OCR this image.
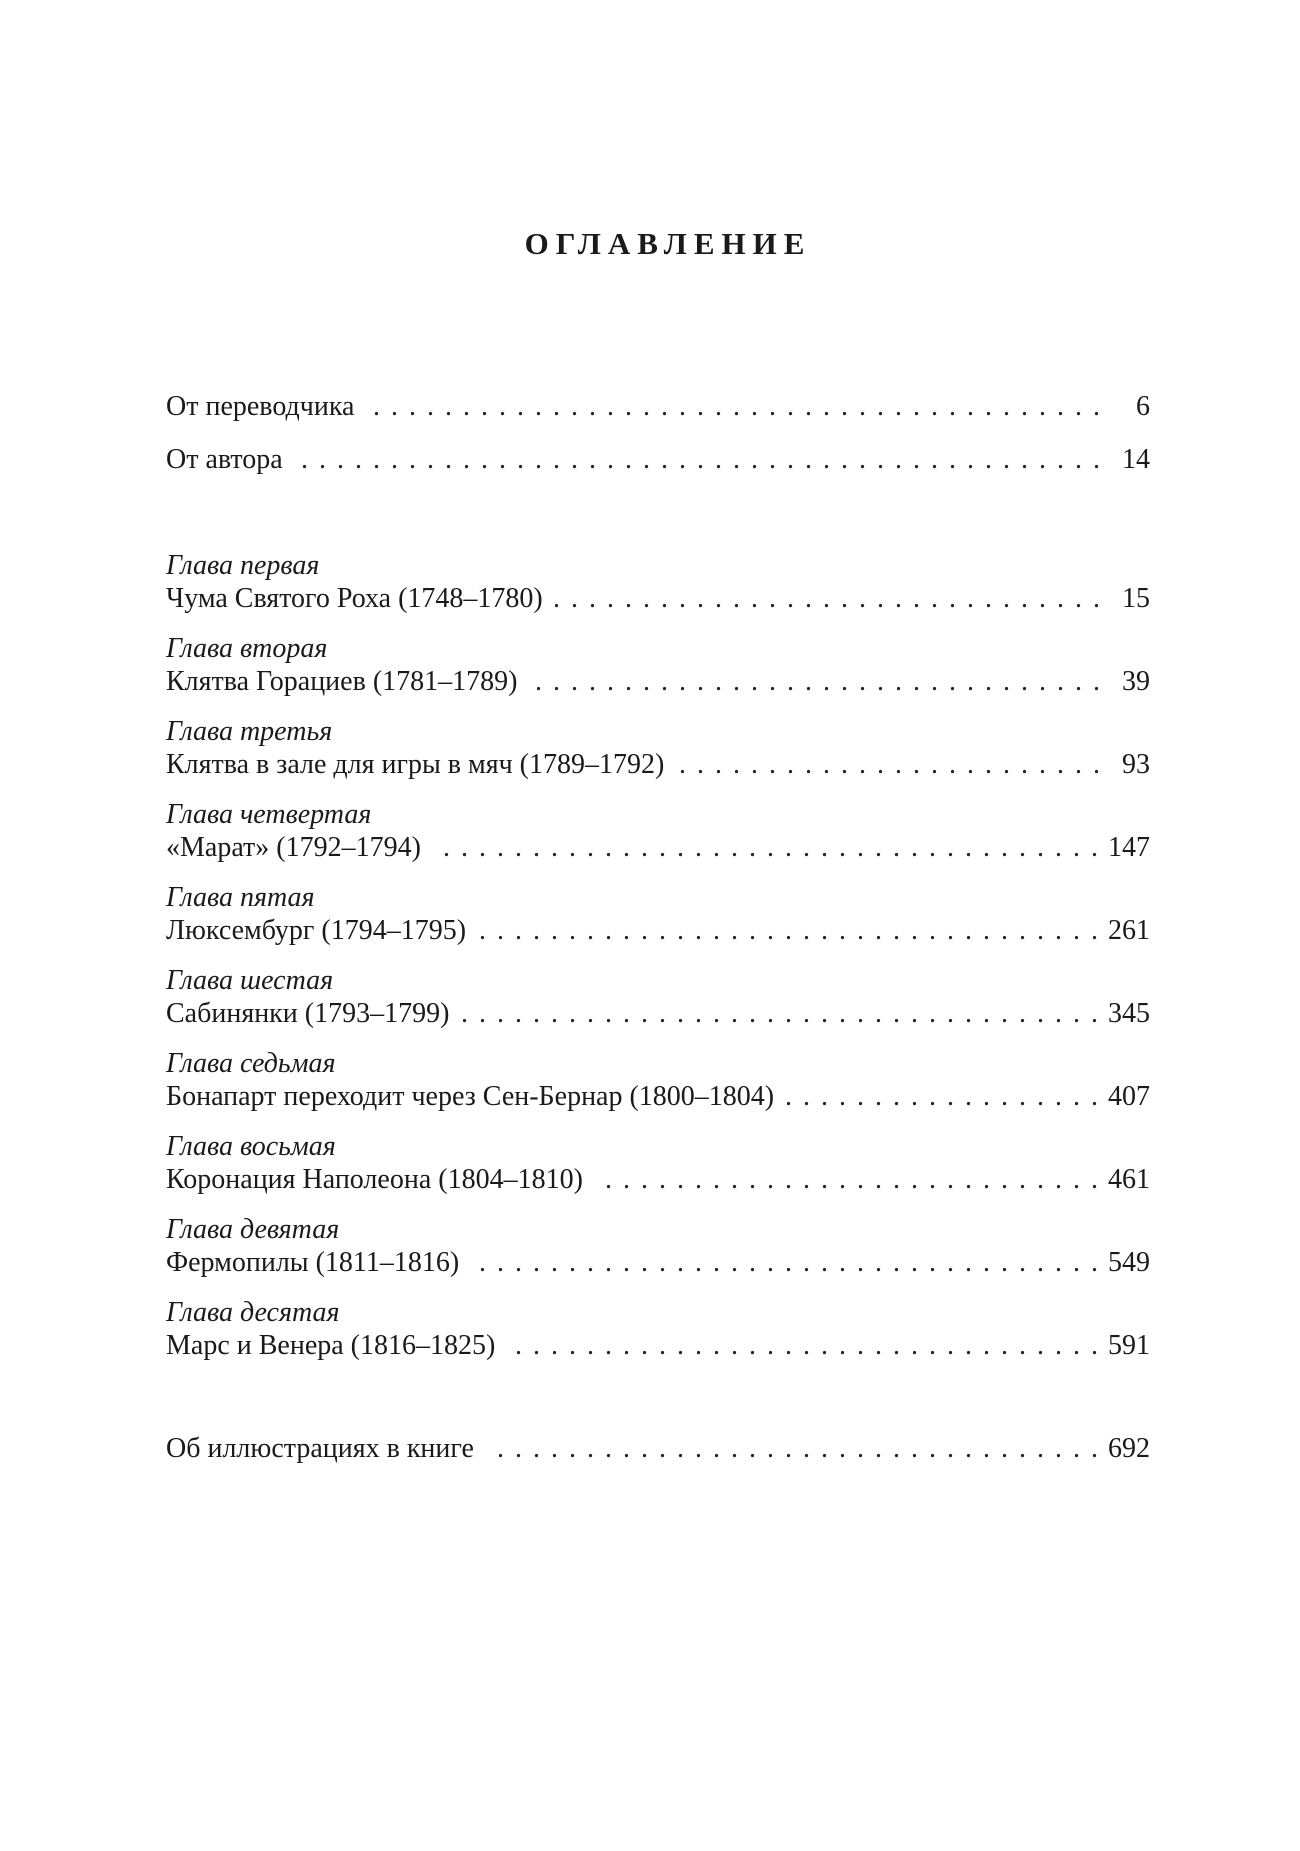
ОГЛАВЛЕНИЕ
От переводчика . . .	6
От автора . . .	14
Глава первая
Чума Святого Роха (1748–1780) . . .	15
Глава вторая
Клятва Горациев (1781–1789) . . .	39
Глава третья
Клятва в зале для игры в мяч (1789–1792) . . .	93
Глава четвертая
«Марат» (1792–1794) . . .	147
Глава пятая
Люксембург (1794–1795) . . .	261
Глава шестая
Сабинянки (1793–1799) . . .	345
Глава седьмая
Бонапарт переходит через Сен-Бернар (1800–1804) . . .	407
Глава восьмая
Коронация Наполеона (1804–1810) . . .	461
Глава девятая
Фермопилы (1811–1816) . . .	549
Глава десятая
Марс и Венера (1816–1825) . . .	591
Об иллюстрациях в книге . . .	692
